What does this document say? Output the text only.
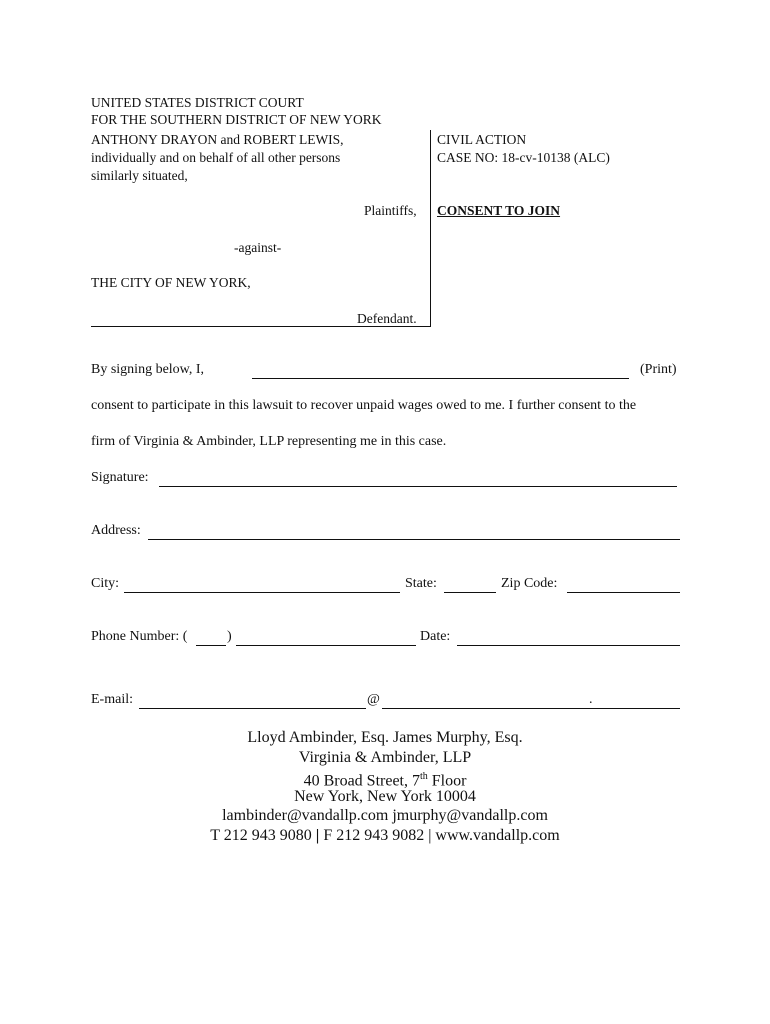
UNITED STATES DISTRICT COURT
FOR THE SOUTHERN DISTRICT OF NEW YORK
ANTHONY DRAYON and ROBERT LEWIS,
individually and on behalf of all other persons
similarly situated,
Plaintiffs,
-against-
THE CITY OF NEW YORK,
Defendant.
CIVIL ACTION
CASE NO: 18-cv-10138 (ALC)
CONSENT TO JOIN
By signing below, I,	(Print)
consent to participate in this lawsuit to recover unpaid wages owed to me. I further consent to the
firm of Virginia & Ambinder, LLP representing me in this case.
Signature:
Address:
City:	State:	Zip Code:
Phone Number: (	)	Date:
E-mail:	@	.
Lloyd Ambinder, Esq. James Murphy, Esq.
Virginia & Ambinder, LLP
40 Broad Street, 7th Floor
New York, New York 10004
lambinder@vandallp.com jmurphy@vandallp.com
T 212 943 9080 | F 212 943 9082 | www.vandallp.com
